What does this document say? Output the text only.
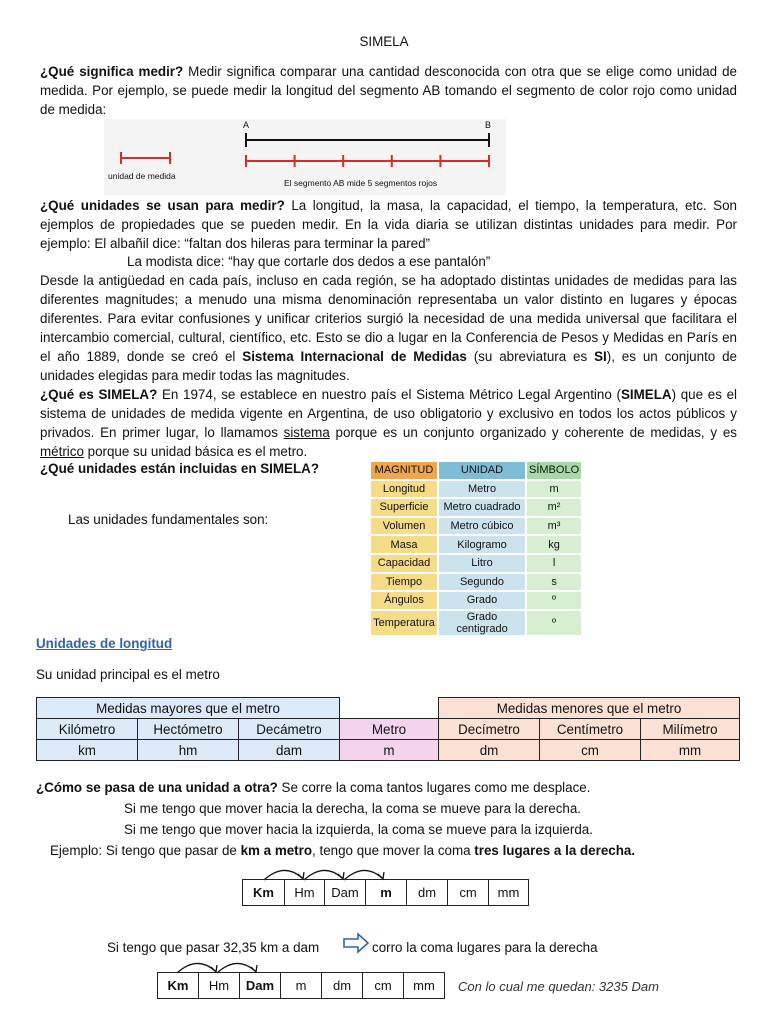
SIMELA
¿Qué significa medir? Medir significa comparar una cantidad desconocida con otra que se elige como unidad de medida. Por ejemplo, se puede medir la longitud del segmento AB tomando el segmento de color rojo como unidad de medida:
A	B
unidad de medida
El segmento AB mide 5 segmentos rojos
¿Qué unidades se usan para medir? La longitud, la masa, la capacidad, el tiempo, la temperatura, etc. Son ejemplos de propiedades que se pueden medir. En la vida diaria se utilizan distintas unidades para medir. Por ejemplo: El albañil dice: “faltan dos hileras para terminar la pared”
La modista dice: “hay que cortarle dos dedos a ese pantalón”
Desde la antigüedad en cada país, incluso en cada región, se ha adoptado distintas unidades de medidas para las diferentes magnitudes; a menudo una misma denominación representaba un valor distinto en lugares y épocas diferentes. Para evitar confusiones y unificar criterios surgió la necesidad de una medida universal que facilitara el intercambio comercial, cultural, científico, etc. Esto se dio a lugar en la Conferencia de Pesos y Medidas en París en el año 1889, donde se creó el Sistema Internacional de Medidas (su abreviatura es SI), es un conjunto de unidades elegidas para medir todas las magnitudes.
¿Qué es SIMELA? En 1974, se establece en nuestro país el Sistema Métrico Legal Argentino (SIMELA) que es el sistema de unidades de medida vigente en Argentina, de uso obligatorio y exclusivo en todos los actos públicos y privados. En primer lugar, lo llamamos sistema porque es un conjunto organizado y coherente de medidas, y es métrico porque su unidad básica es el metro.
¿Qué unidades están incluidas en SIMELA?
Las unidades fundamentales son:
MAGNITUD	UNIDAD	SÍMBOLO
Longitud	Metro	m
Superficie	Metro cuadrado	m²
Volumen	Metro cúbico	m³
Masa	Kilogramo	kg
Capacidad	Litro	l
Tiempo	Segundo	s
Ángulos	Grado	º
Temperatura	Grado centigrado	º
Unidades de longitud
Su unidad principal es el metro
Medidas mayores que el metro				Medidas menores que el metro		
Kilómetro	Hectómetro	Decámetro	Metro	Decímetro	Centímetro	Milímetro
km	hm	dam	m	dm	cm	mm
¿Cómo se pasa de una unidad a otra? Se corre la coma tantos lugares como me desplace.
Si me tengo que mover hacia la derecha, la coma se mueve para la derecha.
Si me tengo que mover hacia la izquierda, la coma se mueve para la izquierda.
Ejemplo: Si tengo que pasar de km a metro, tengo que mover la coma tres lugares a la derecha.
Km	Hm	Dam	m	dm	cm	mm
Si tengo que pasar 32,35 km a dam	corro la coma lugares para la derecha
Km	Hm	Dam	m	dm	cm	mm	Con lo cual me quedan: 3235 Dam
